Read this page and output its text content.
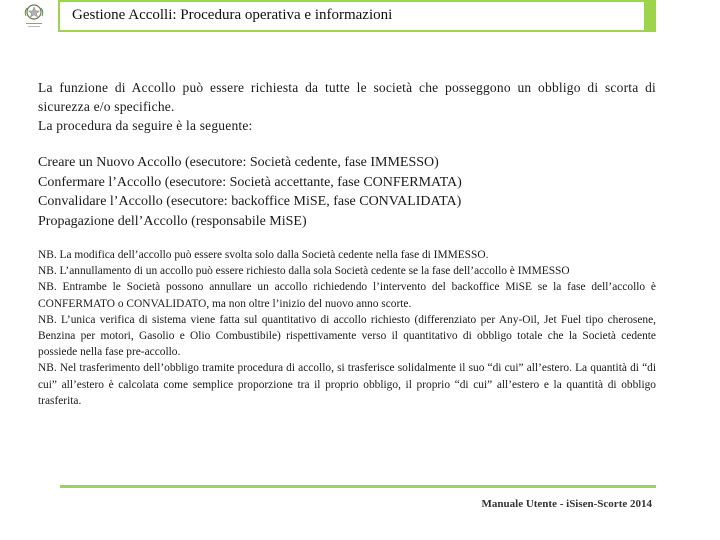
Gestione Accolli: Procedura operativa e informazioni

La funzione di Accollo può essere richiesta da tutte le società che posseggono un obbligo di scorta di sicurezza e/o specifiche.

La procedura da seguire è la seguente:

Creare un Nuovo Accollo (esecutore: Società cedente, fase IMMESSO)
Confermare l’Accollo (esecutore: Società accettante, fase CONFERMATA)
Convalidare l’Accollo (esecutore: backoffice MiSE, fase CONVALIDATA)
Propagazione dell’Accollo (responsabile MiSE)

NB. La modifica dell’accollo può essere svolta solo dalla Società cedente nella fase di IMMESSO.

NB. L’annullamento di un accollo può essere richiesto dalla sola Società cedente se la fase dell’accollo è IMMESSO

NB. Entrambe le Società possono annullare un accollo richiedendo l’intervento del backoffice MiSE se la fase dell’accollo è CONFERMATO o CONVALIDATO, ma non oltre l’inizio del nuovo anno scorte.

NB. L’unica verifica di sistema viene fatta sul quantitativo di accollo richiesto (differenziato per Any-Oil, Jet Fuel tipo cherosene, Benzina per motori, Gasolio e Olio Combustibile) rispettivamente verso il quantitativo di obbligo totale che la Società cedente possiede nella fase pre-accollo.

NB. Nel trasferimento dell’obbligo tramite procedura di accollo, si trasferisce solidalmente il suo “di cui” all’estero. La quantità di “di cui” all’estero è calcolata come semplice proporzione tra il proprio obbligo, il proprio “di cui” all’estero e la quantità di obbligo trasferita.

Manuale Utente - iSisen-Scorte 2014
